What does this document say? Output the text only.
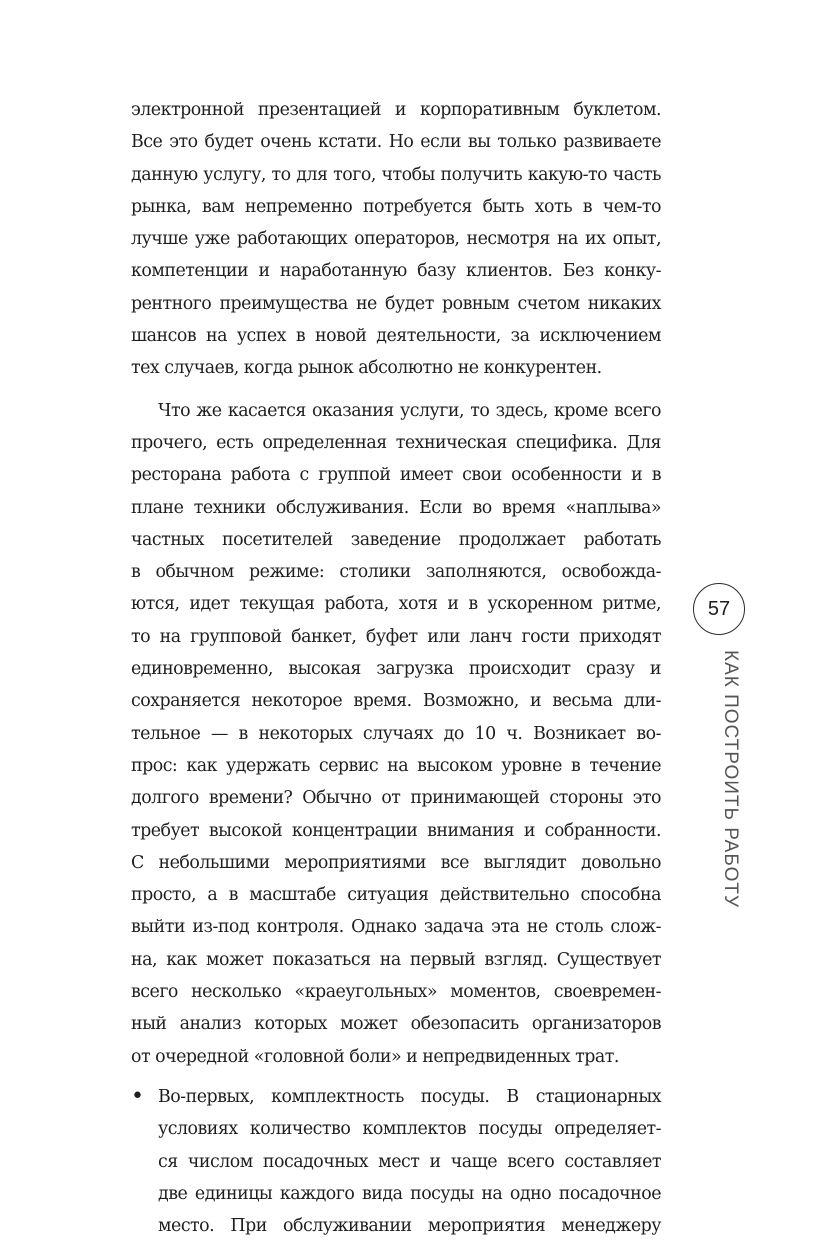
электронной презентацией и корпоративным буклетом.
Все это будет очень кстати. Но если вы только развиваете
данную услугу, то для того, чтобы получить какую-то часть
рынка, вам непременно потребуется быть хоть в чем-то
лучше уже работающих операторов, несмотря на их опыт,
компетенции и наработанную базу клиентов. Без конку-
рентного преимущества не будет ровным счетом никаких
шансов на успех в новой деятельности, за исключением
тех случаев, когда рынок абсолютно не конкурентен.
Что же касается оказания услуги, то здесь, кроме всего
прочего, есть определенная техническая специфика. Для
ресторана работа с группой имеет свои особенности и в
плане техники обслуживания. Если во время «наплыва»
частных посетителей заведение продолжает работать
в обычном режиме: столики заполняются, освобожда-
ются, идет текущая работа, хотя и в ускоренном ритме,
то на групповой банкет, буфет или ланч гости приходят
единовременно, высокая загрузка происходит сразу и
сохраняется некоторое время. Возможно, и весьма дли-
тельное — в некоторых случаях до 10 ч. Возникает во-
прос: как удержать сервис на высоком уровне в течение
долгого времени? Обычно от принимающей стороны это
требует высокой концентрации внимания и собранности.
С небольшими мероприятиями все выглядит довольно
просто, а в масштабе ситуация действительно способна
выйти из-под контроля. Однако задача эта не столь слож-
на, как может показаться на первый взгляд. Существует
всего несколько «краеугольных» моментов, своевремен-
ный анализ которых может обезопасить организаторов
от очередной «головной боли» и непредвиденных трат.
• Во-первых, комплектность посуды. В стационарных
условиях количество комплектов посуды определяет-
ся числом посадочных мест и чаще всего составляет
две единицы каждого вида посуды на одно посадочное
место. При обслуживании мероприятия менеджеру
57
КАК ПОСТРОИТЬ РАБОТУ
